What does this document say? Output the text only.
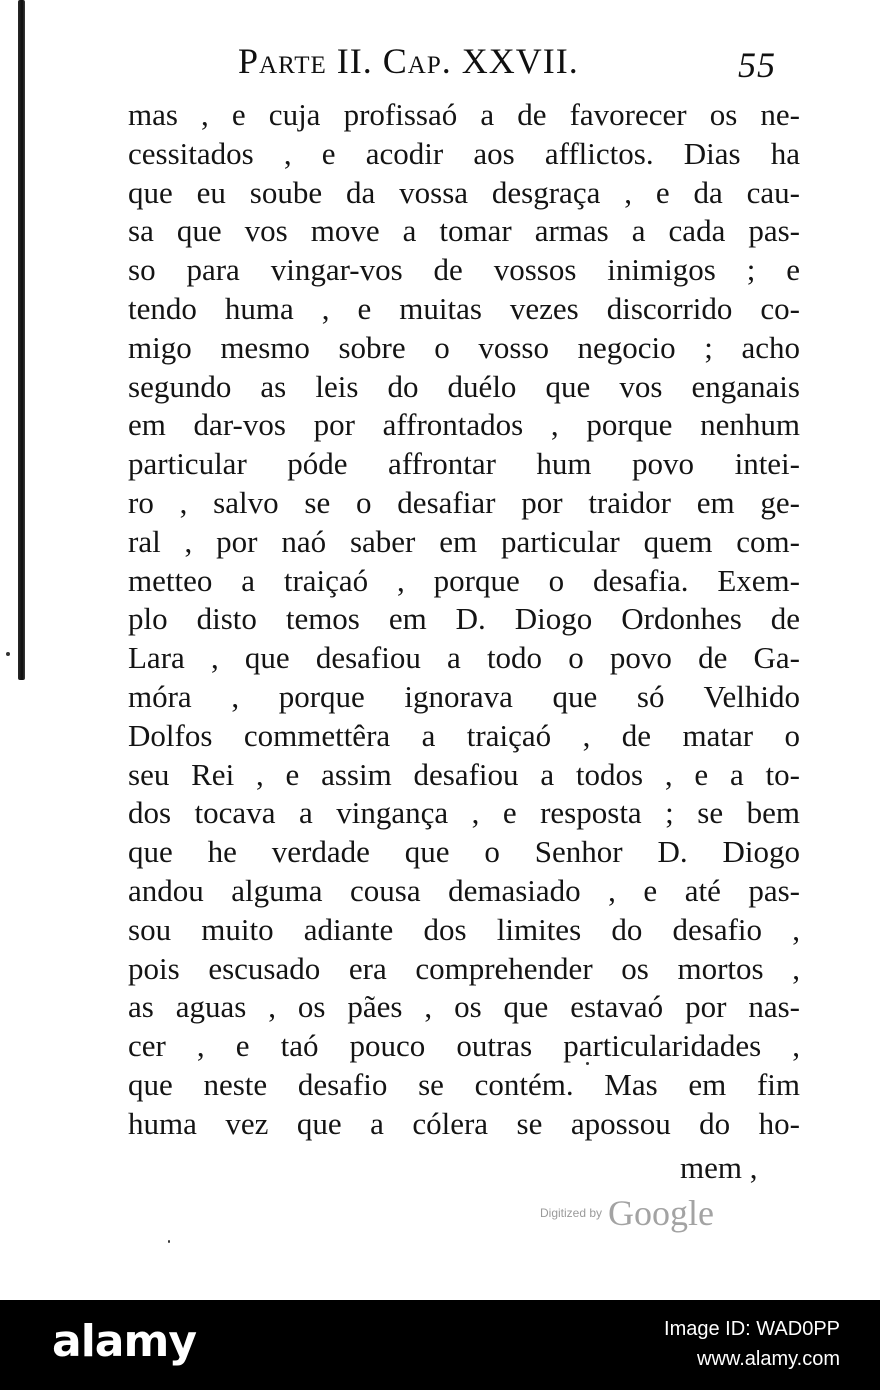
Parte II. Cap. XXVII.	55
mas , e cuja profissaó a de favorecer os ne-
cessitados , e acodir aos afflictos. Dias ha
que eu soube da vossa desgraça , e da cau-
sa que vos move a tomar armas a cada pas-
so para vingar-vos de vossos inimigos ; e
tendo huma , e muitas vezes discorrido co-
migo mesmo sobre o vosso negocio ; acho
segundo as leis do duélo que vos enganais
em dar-vos por affrontados , porque nenhum
particular póde affrontar hum povo intei-
ro , salvo se o desafiar por traidor em ge-
ral , por naó saber em particular quem com-
metteo a traiçaó , porque o desafia. Exem-
plo disto temos em D. Diogo Ordonhes de
Lara , que desafiou a todo o povo de Ga-
móra , porque ignorava que só Velhido
Dolfos commettêra a traiçaó , de matar o
seu Rei , e assim desafiou a todos , e a to-
dos tocava a vingança , e resposta ; se bem
que he verdade que o Senhor D. Diogo
andou alguma cousa demasiado , e até pas-
sou muito adiante dos limites do desafio ,
pois escusado era comprehender os mortos ,
as aguas , os pães , os que estavaó por nas-
cer , e taó pouco outras particularidades ,
que neste desafio se contém. Mas em fim
huma vez que a cólera se apossou do ho-
mem ,
Digitized by Google
alamy	Image ID: WAD0PP
www.alamy.com
